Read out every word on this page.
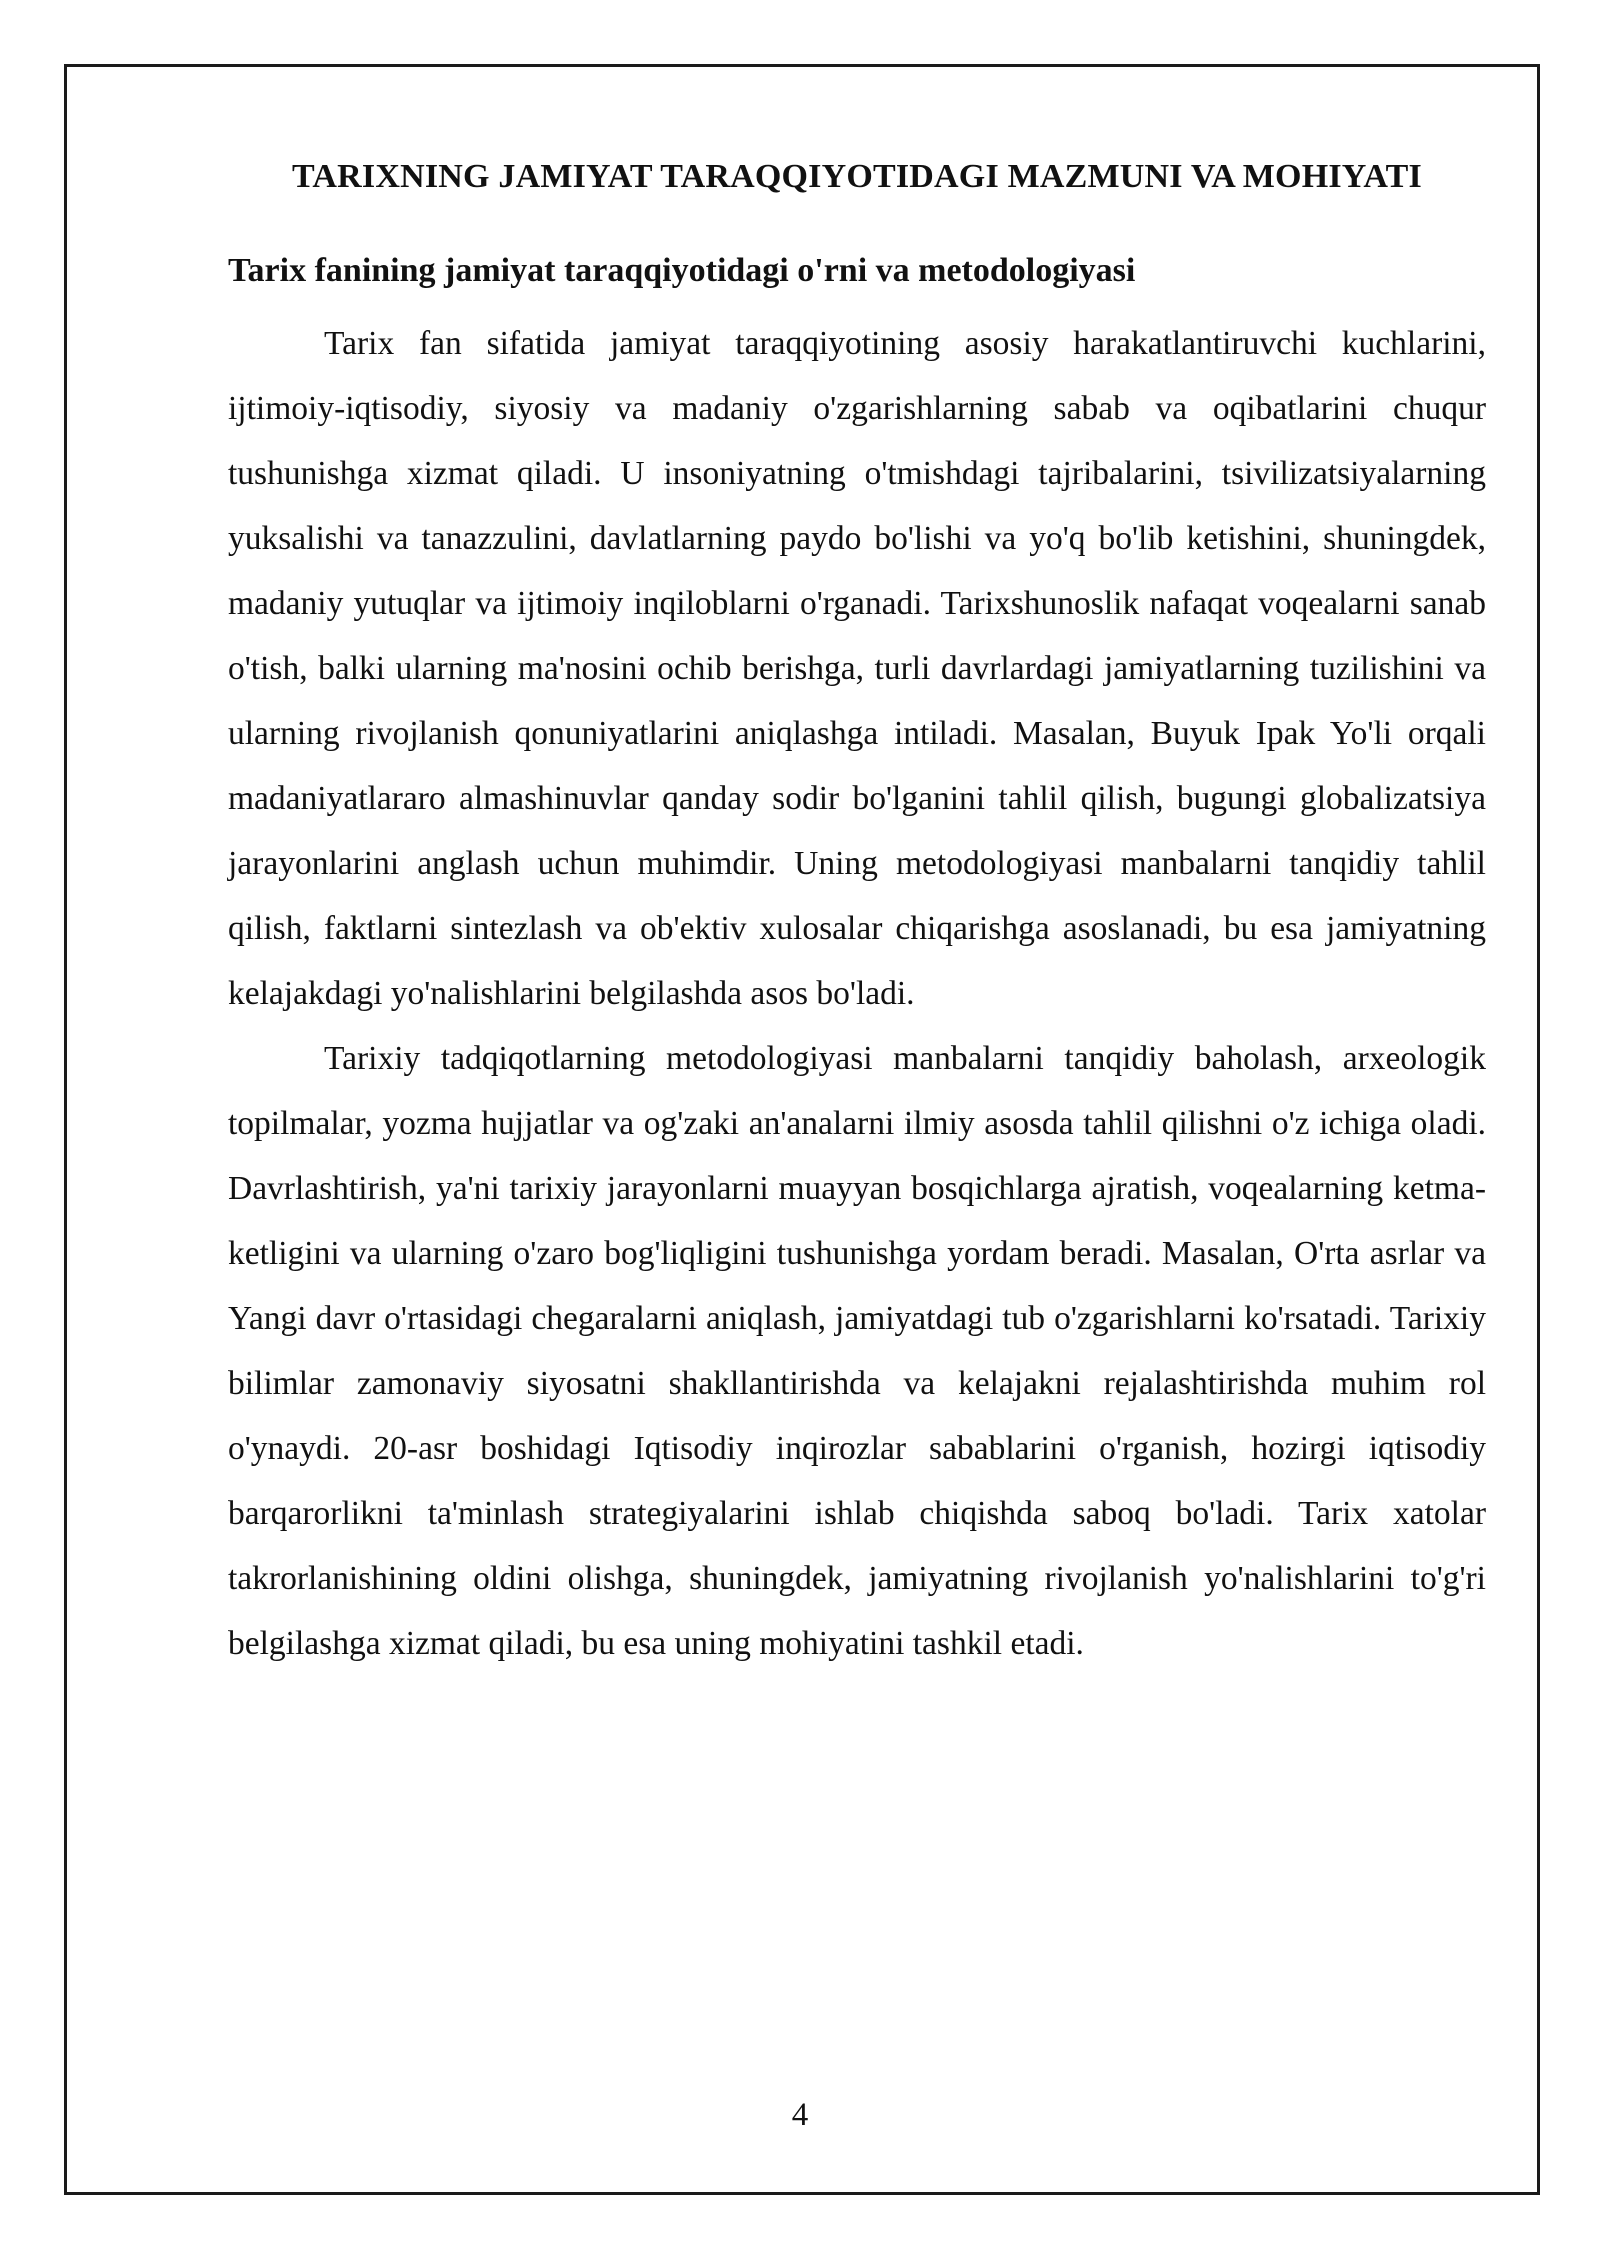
TARIXNING JAMIYAT TARAQQIYOTIDAGI MAZMUNI VA MOHIYATI
Tarix fanining jamiyat taraqqiyotidagi o'rni va metodologiyasi

Tarix fan sifatida jamiyat taraqqiyotining asosiy harakatlantiruvchi kuchlarini, ijtimoiy-iqtisodiy, siyosiy va madaniy o'zgarishlarning sabab va oqibatlarini chuqur tushunishga xizmat qiladi. U insoniyatning o'tmishdagi tajribalarini, tsivilizatsiyalarning yuksalishi va tanazzulini, davlatlarning paydo bo'lishi va yo'q bo'lib ketishini, shuningdek, madaniy yutuqlar va ijtimoiy inqiloblarni o'rganadi. Tarixshunoslik nafaqat voqealarni sanab o'tish, balki ularning ma'nosini ochib berishga, turli davrlardagi jamiyatlarning tuzilishini va ularning rivojlanish qonuniyatlarini aniqlashga intiladi. Masalan, Buyuk Ipak Yo'li orqali madaniyatlararo almashinuvlar qanday sodir bo'lganini tahlil qilish, bugungi globalizatsiya jarayonlarini anglash uchun muhimdir. Uning metodologiyasi manbalarni tanqidiy tahlil qilish, faktlarni sintezlash va ob'ektiv xulosalar chiqarishga asoslanadi, bu esa jamiyatning kelajakdagi yo'nalishlarini belgilashda asos bo'ladi.

Tarixiy tadqiqotlarning metodologiyasi manbalarni tanqidiy baholash, arxeologik topilmalar, yozma hujjatlar va og'zaki an'analarni ilmiy asosda tahlil qilishni o'z ichiga oladi. Davrlashtirish, ya'ni tarixiy jarayonlarni muayyan bosqichlarga ajratish, voqealarning ketma-ketligini va ularning o'zaro bog'liqligini tushunishga yordam beradi. Masalan, O'rta asrlar va Yangi davr o'rtasidagi chegaralarni aniqlash, jamiyatdagi tub o'zgarishlarni ko'rsatadi. Tarixiy bilimlar zamonaviy siyosatni shakllantirishda va kelajakni rejalashtirishda muhim rol o'ynaydi. 20-asr boshidagi Iqtisodiy inqirozlar sabablarini o'rganish, hozirgi iqtisodiy barqarorlikni ta'minlash strategiyalarini ishlab chiqishda saboq bo'ladi. Tarix xatolar takrorlanishining oldini olishga, shuningdek, jamiyatning rivojlanish yo'nalishlarini to'g'ri belgilashga xizmat qiladi, bu esa uning mohiyatini tashkil etadi.

4
